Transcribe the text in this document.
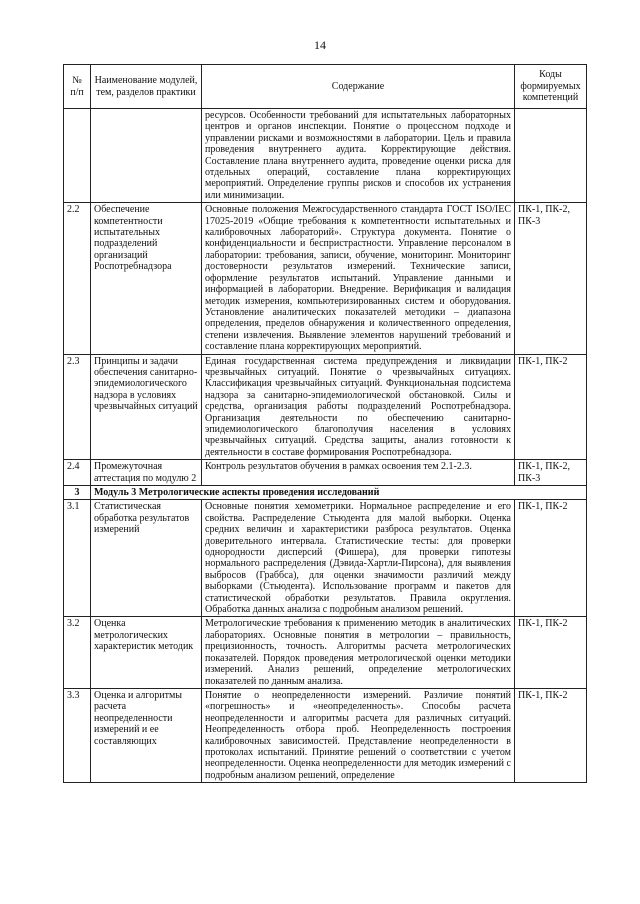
14
№ п/п	Наименование модулей, тем, разделов практики	Содержание	Коды формируемых компетенций
		ресурсов. Особенности требований для испытательных лабораторных центров и органов инспекции. Понятие о процессном подходе и управлении рисками и возможностями в лаборатории. Цель и правила проведения внутреннего аудита. Корректирующие действия. Составление плана внутреннего аудита, проведение оценки риска для отдельных операций, составление плана корректирующих мероприятий. Определение группы рисков и способов их устранения или минимизации.	
2.2	Обеспечение компетентности испытательных подразделений организаций Роспотребнадзора	Основные положения Межгосударственного стандарта ГОСТ ISO/IEC 17025-2019 «Общие требования к компетентности испытательных и калибровочных лабораторий». Структура документа. Понятие о конфиденциальности и беспристрастности. Управление персоналом в лаборатории: требования, записи, обучение, мониторинг. Мониторинг достоверности результатов измерений. Технические записи, оформление результатов испытаний. Управление данными и информацией в лаборатории. Внедрение. Верификация и валидация методик измерения, компьютеризированных систем и оборудования. Установление аналитических показателей методики – диапазона определения, пределов обнаружения и количественного определения, степени извлечения. Выявление элементов нарушений требований и составление плана корректирующих мероприятий.	ПК-1, ПК-2, ПК-3
2.3	Принципы и задачи обеспечения санитарно-эпидемиологического надзора в условиях чрезвычайных ситуаций	Единая государственная система предупреждения и ликвидации чрезвычайных ситуаций. Понятие о чрезвычайных ситуациях. Классификация чрезвычайных ситуаций. Функциональная подсистема надзора за санитарно-эпидемиологической обстановкой. Силы и средства, организация работы подразделений Роспотребнадзора. Организация деятельности по обеспечению санитарно-эпидемиологического благополучия населения в условиях чрезвычайных ситуаций. Средства защиты, анализ готовности к деятельности в составе формирования Роспотребнадзора.	ПК-1, ПК-2
2.4	Промежуточная аттестация по модулю 2	Контроль результатов обучения в рамках освоения тем 2.1-2.3.	ПК-1, ПК-2, ПК-3
3	Модуль 3 Метрологические аспекты проведения исследований		
3.1	Статистическая обработка результатов измерений	Основные понятия хемометрики. Нормальное распределение и его свойства. Распределение Стьюдента для малой выборки. Оценка средних величин и характеристики разброса результатов. Оценка доверительного интервала. Статистические тесты: для проверки однородности дисперсий (Фишера), для проверки гипотезы нормального распределения (Дэвида-Хартли-Пирсона), для выявления выбросов (Граббса), для оценки значимости различий между выборками (Стьюдента). Использование программ и пакетов для статистической обработки результатов. Правила округления. Обработка данных анализа с подробным анализом решений.	ПК-1, ПК-2
3.2	Оценка метрологических характеристик методик	Метрологические требования к применению методик в аналитических лабораториях. Основные понятия в метрологии – правильность, прецизионность, точность. Алгоритмы расчета метрологических показателей. Порядок проведения метрологической оценки методики измерений. Анализ решений, определение метрологических показателей по данным анализа.	ПК-1, ПК-2
3.3	Оценка и алгоритмы расчета неопределенности измерений и ее составляющих	Понятие о неопределенности измерений. Различие понятий «погрешность» и «неопределенность». Способы расчета неопределенности и алгоритмы расчета для различных ситуаций. Неопределенность отбора проб. Неопределенность построения калибровочных зависимостей. Представление неопределенности в протоколах испытаний. Принятие решений о соответствии с учетом неопределенности. Оценка неопределенности для методик измерений с подробным анализом решений, определение	ПК-1, ПК-2
